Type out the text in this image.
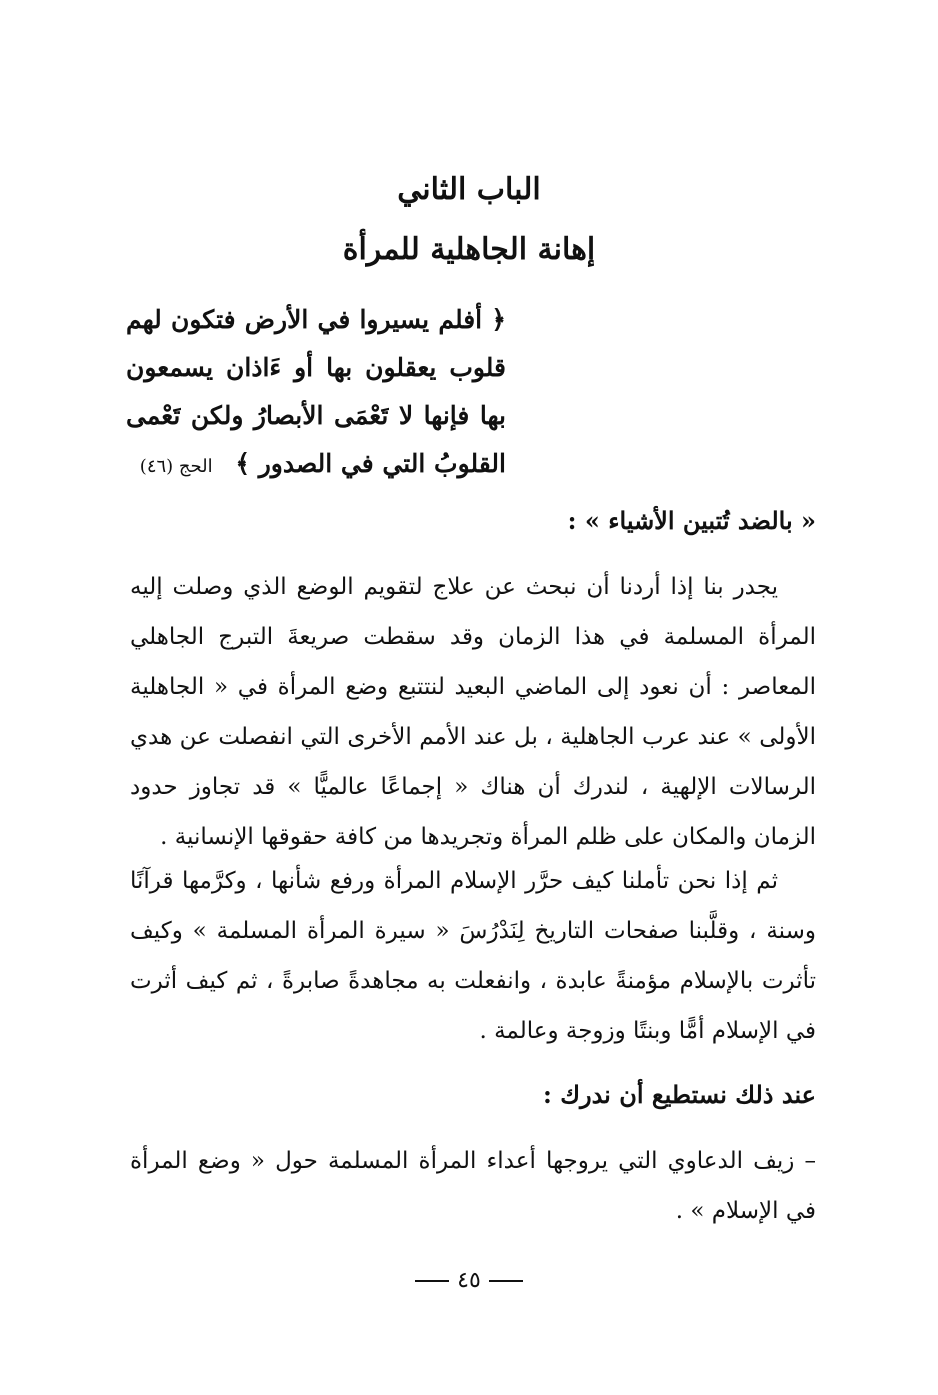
الباب الثاني
إهانة الجاهلية للمرأة
﴿ أفلم يسيروا في الأرض فتكون لهم قلوب يعقلون بها أو ءَاذان يسمعون بها فإنها لا تَعْمَى الأبصارُ ولكن تَعْمى القلوبُ التي في الصدور ﴾ الحج (٤٦)
« بالضد تُتبين الأشياء » :

يجدر بنا إذا أردنا أن نبحث عن علاج لتقويم الوضع الذي وصلت إليه المرأة المسلمة في هذا الزمان وقد سقطت صريعةَ التبرج الجاهلي المعاصر : أن نعود إلى الماضي البعيد لنتتبع وضع المرأة في « الجاهلية الأولى » عند عرب الجاهلية ، بل عند الأمم الأخرى التي انفصلت عن هدي الرسالات الإلهية ، لندرك أن هناك « إجماعًا عالميًّا » قد تجاوز حدود الزمان والمكان على ظلم المرأة وتجريدها من كافة حقوقها الإنسانية .

ثم إذا نحن تأملنا كيف حرَّر الإسلام المرأة ورفع شأنها ، وكرَّمها قرآنًا وسنة ، وقلَّبنا صفحات التاريخ لِنَدْرُسَ « سيرة المرأة المسلمة » وكيف تأثرت بالإسلام مؤمنةً عابدة ، وانفعلت به مجاهدةً صابرةً ، ثم كيف أثرت في الإسلام أمًّا وبنتًا وزوجة وعالمة .

عند ذلك نستطيع أن ندرك :

– زيف الدعاوي التي يروجها أعداء المرأة المسلمة حول « وضع المرأة في الإسلام » .

٤٥
